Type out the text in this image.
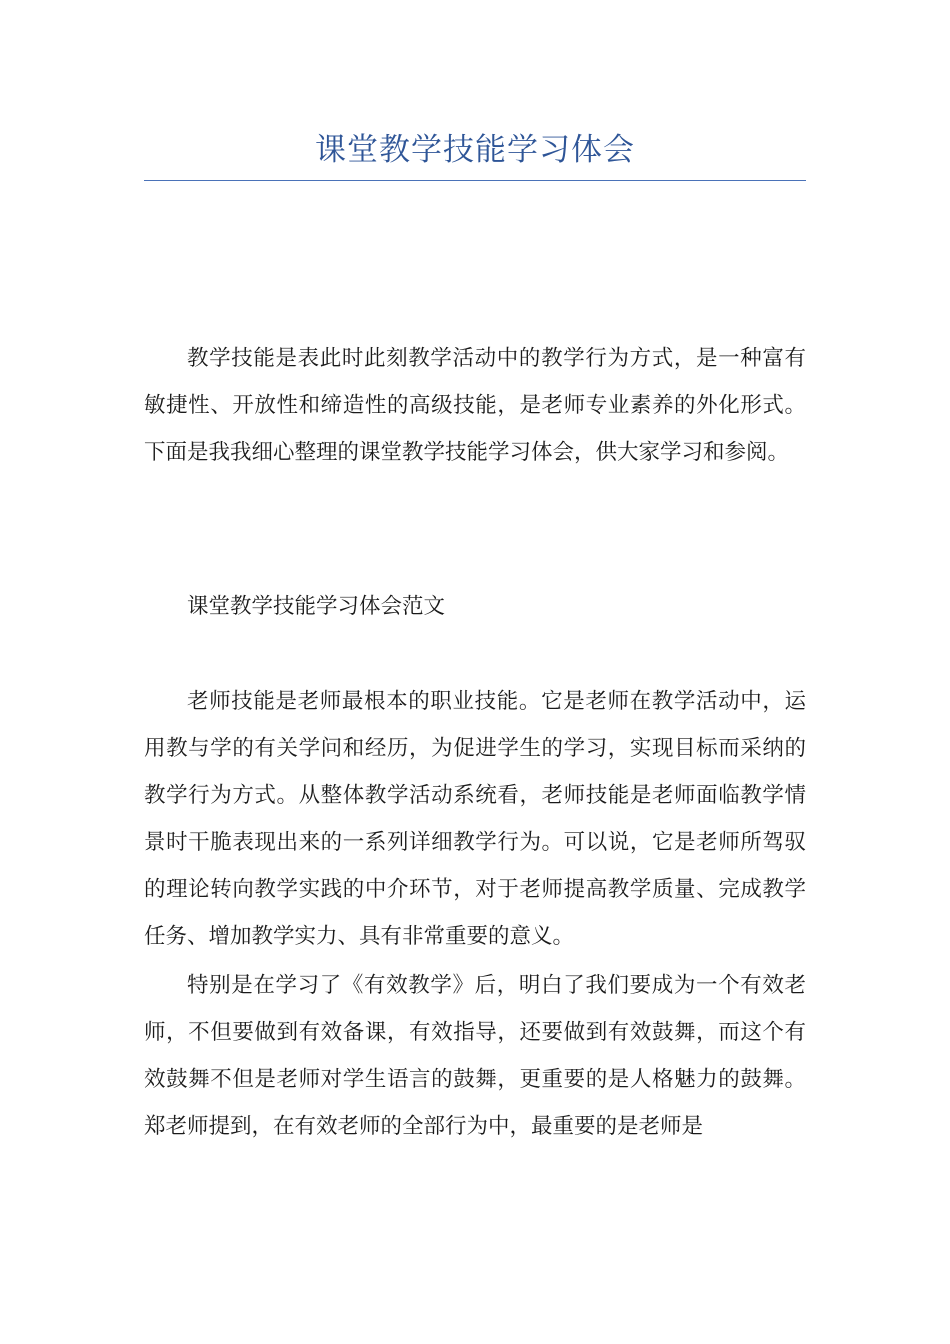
课堂教学技能学习体会

教学技能是表此时此刻教学活动中的教学行为方式，是一种富有敏捷性、开放性和缔造性的高级技能，是老师专业素养的外化形式。下面是我我细心整理的课堂教学技能学习体会，供大家学习和参阅。

课堂教学技能学习体会范文

老师技能是老师最根本的职业技能。它是老师在教学活动中，运用教与学的有关学问和经历，为促进学生的学习，实现目标而采纳的教学行为方式。从整体教学活动系统看，老师技能是老师面临教学情景时干脆表现出来的一系列详细教学行为。可以说，它是老师所驾驭的理论转向教学实践的中介环节，对于老师提高教学质量、完成教学任务、增加教学实力、具有非常重要的意义。

特别是在学习了《有效教学》后，明白了我们要成为一个有效老师，不但要做到有效备课，有效指导，还要做到有效鼓舞，而这个有效鼓舞不但是老师对学生语言的鼓舞，更重要的是人格魅力的鼓舞。郑老师提到，在有效老师的全部行为中，最重要的是老师是
